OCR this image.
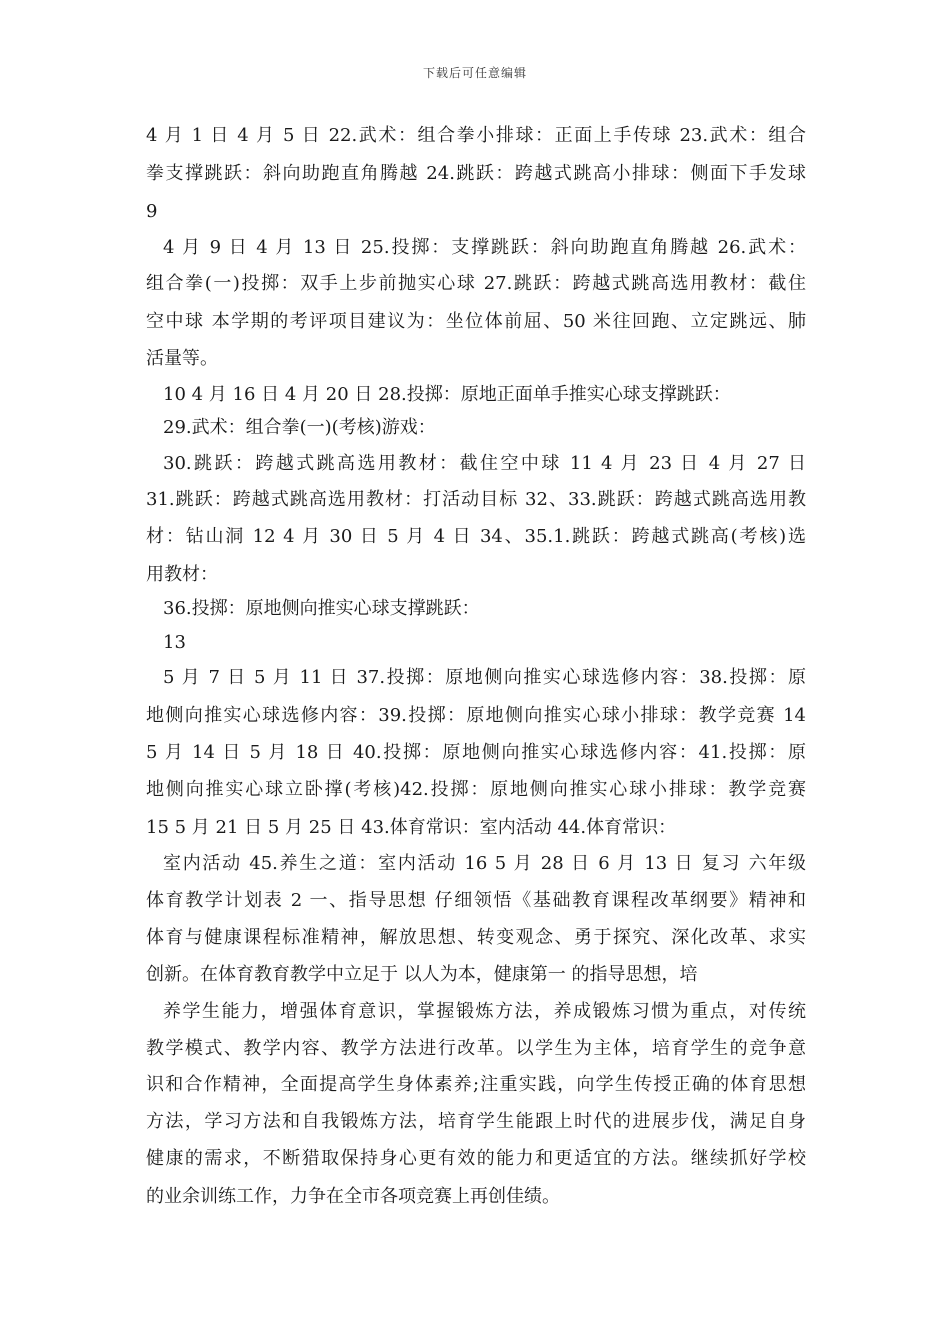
下载后可任意编辑
4 月 1 日 4 月 5 日 22.武术：组合拳小排球：正面上手传球 23.武术：组合
拳支撑跳跃：斜向助跑直角腾越 24.跳跃：跨越式跳高小排球：侧面下手发球
9
4 月 9 日 4 月 13 日 25.投掷：支撑跳跃：斜向助跑直角腾越 26.武术：
组合拳(一)投掷：双手上步前抛实心球 27.跳跃：跨越式跳高选用教材：截住
空中球 本学期的考评项目建议为：坐位体前屈、50 米往回跑、立定跳远、肺
活量等。
10 4 月 16 日 4 月 20 日 28.投掷：原地正面单手推实心球支撑跳跃：
29.武术：组合拳(一)(考核)游戏：
30.跳跃：跨越式跳高选用教材：截住空中球 11 4 月 23 日 4 月 27 日
31.跳跃：跨越式跳高选用教材：打活动目标 32、33.跳跃：跨越式跳高选用教
材：钻山洞 12 4 月 30 日 5 月 4 日 34、35.1.跳跃：跨越式跳高(考核)选
用教材：
36.投掷：原地侧向推实心球支撑跳跃：
13
5 月 7 日 5 月 11 日 37.投掷：原地侧向推实心球选修内容：38.投掷：原
地侧向推实心球选修内容：39.投掷：原地侧向推实心球小排球：教学竞赛 14
5 月 14 日 5 月 18 日 40.投掷：原地侧向推实心球选修内容：41.投掷：原
地侧向推实心球立卧撑(考核)42.投掷：原地侧向推实心球小排球：教学竞赛
15 5 月 21 日 5 月 25 日 43.体育常识：室内活动 44.体育常识：
室内活动 45.养生之道：室内活动 16 5 月 28 日 6 月 13 日 复习 六年级
体育教学计划表 2 一、指导思想 仔细领悟《基础教育课程改革纲要》精神和
体育与健康课程标准精神，解放思想、转变观念、勇于探究、深化改革、求实
创新。在体育教育教学中立足于 以人为本，健康第一 的指导思想，培
养学生能力，增强体育意识，掌握锻炼方法，养成锻炼习惯为重点，对传统
教学模式、教学内容、教学方法进行改革。以学生为主体，培育学生的竞争意
识和合作精神，全面提高学生身体素养;注重实践，向学生传授正确的体育思想
方法，学习方法和自我锻炼方法，培育学生能跟上时代的进展步伐，满足自身
健康的需求，不断猎取保持身心更有效的能力和更适宜的方法。继续抓好学校
的业余训练工作，力争在全市各项竞赛上再创佳绩。
